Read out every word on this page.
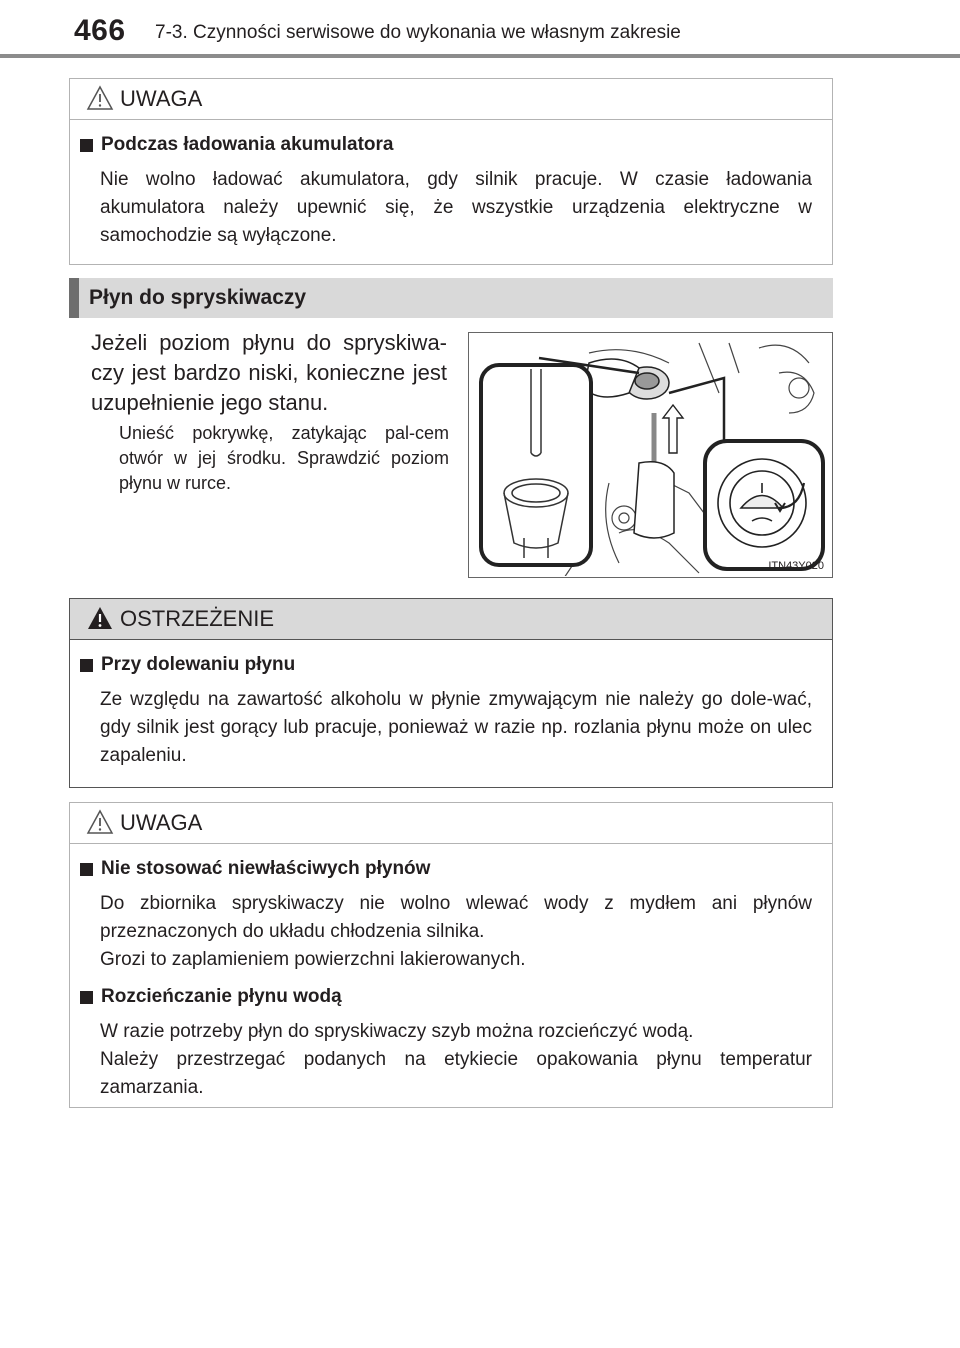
466 7-3. Czynności serwisowe do wykonania we własnym zakresie
UWAGA
Podczas ładowania akumulatora
Nie wolno ładować akumulatora, gdy silnik pracuje. W czasie ładowania akumulatora należy upewnić się, że wszystkie urządzenia elektryczne w samochodzie są wyłączone.
Płyn do spryskiwaczy
Jeżeli poziom płynu do spryskiwa-czy jest bardzo niski, konieczne jest uzupełnienie jego stanu.
Unieść pokrywkę, zatykając pal-cem otwór w jej środku. Sprawdzić poziom płynu w rurce.
ITN43Y020
OSTRZEŻENIE
Przy dolewaniu płynu
Ze względu na zawartość alkoholu w płynie zmywającym nie należy go dole-wać, gdy silnik jest gorący lub pracuje, ponieważ w razie np. rozlania płynu może on ulec zapaleniu.
UWAGA
Nie stosować niewłaściwych płynów
Do zbiornika spryskiwaczy nie wolno wlewać wody z mydłem ani płynów przeznaczonych do układu chłodzenia silnika.
Grozi to zaplamieniem powierzchni lakierowanych.
Rozcieńczanie płynu wodą
W razie potrzeby płyn do spryskiwaczy szyb można rozcieńczyć wodą.
Należy przestrzegać podanych na etykiecie opakowania płynu temperatur zamarzania.
